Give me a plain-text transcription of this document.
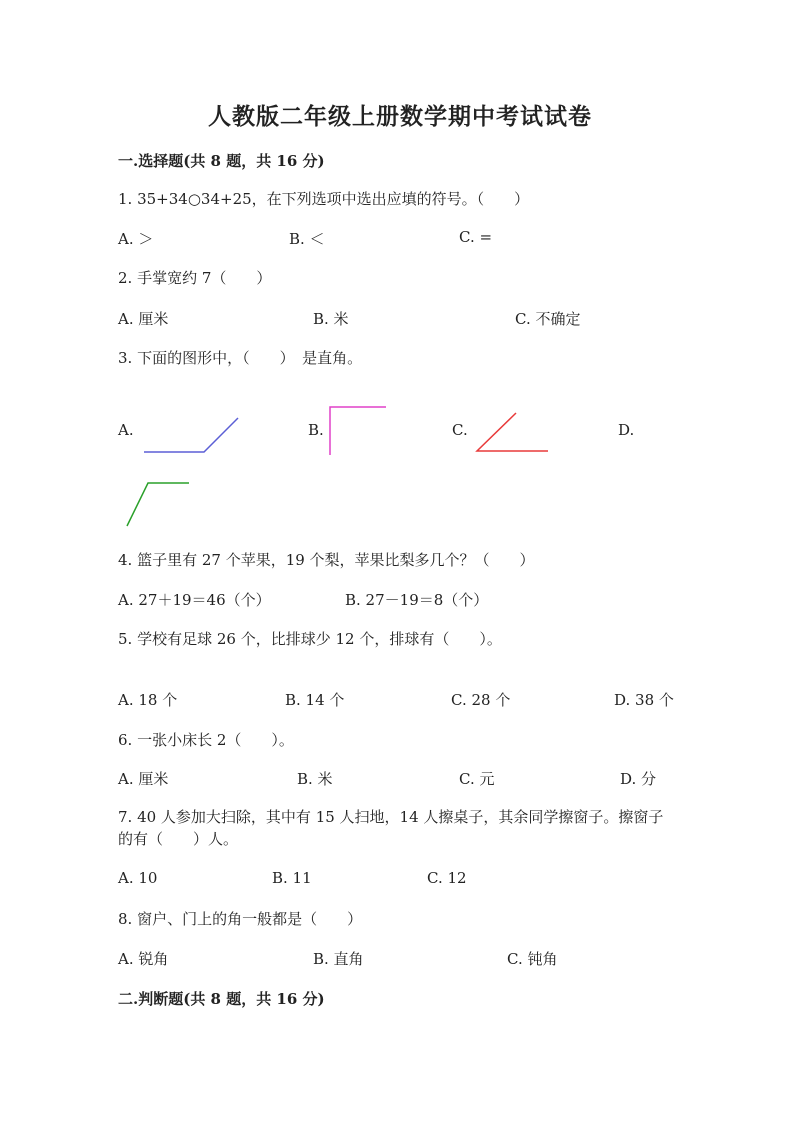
人教版二年级上册数学期中考试试卷
一.选择题(共 8 题，共 16 分)
1. 35+34○34+25，在下列选项中选出应填的符号。（　　）
A. ＞	B. ＜	C. =
2. 手掌宽约 7（　　）
A. 厘米	B. 米	C. 不确定
3. 下面的图形中，（　　）　是直角。
A.	B.	C.	D.
4. 篮子里有 27 个苹果，19 个梨，苹果比梨多几个？（　　）
A. 27＋19＝46（个）	B. 27－19＝8（个）
5. 学校有足球 26 个，比排球少 12 个，排球有（　　）。
A. 18 个	B. 14 个	C. 28 个	D. 38 个
6. 一张小床长 2（　　）。
A. 厘米	B. 米	C. 元	D. 分
7. 40 人参加大扫除，其中有 15 人扫地，14 人擦桌子，其余同学擦窗子。擦窗子的有（　　）人。
A. 10	B. 11	C. 12
8. 窗户、门上的角一般都是（　　）
A. 锐角	B. 直角	C. 钝角
二.判断题(共 8 题，共 16 分)
